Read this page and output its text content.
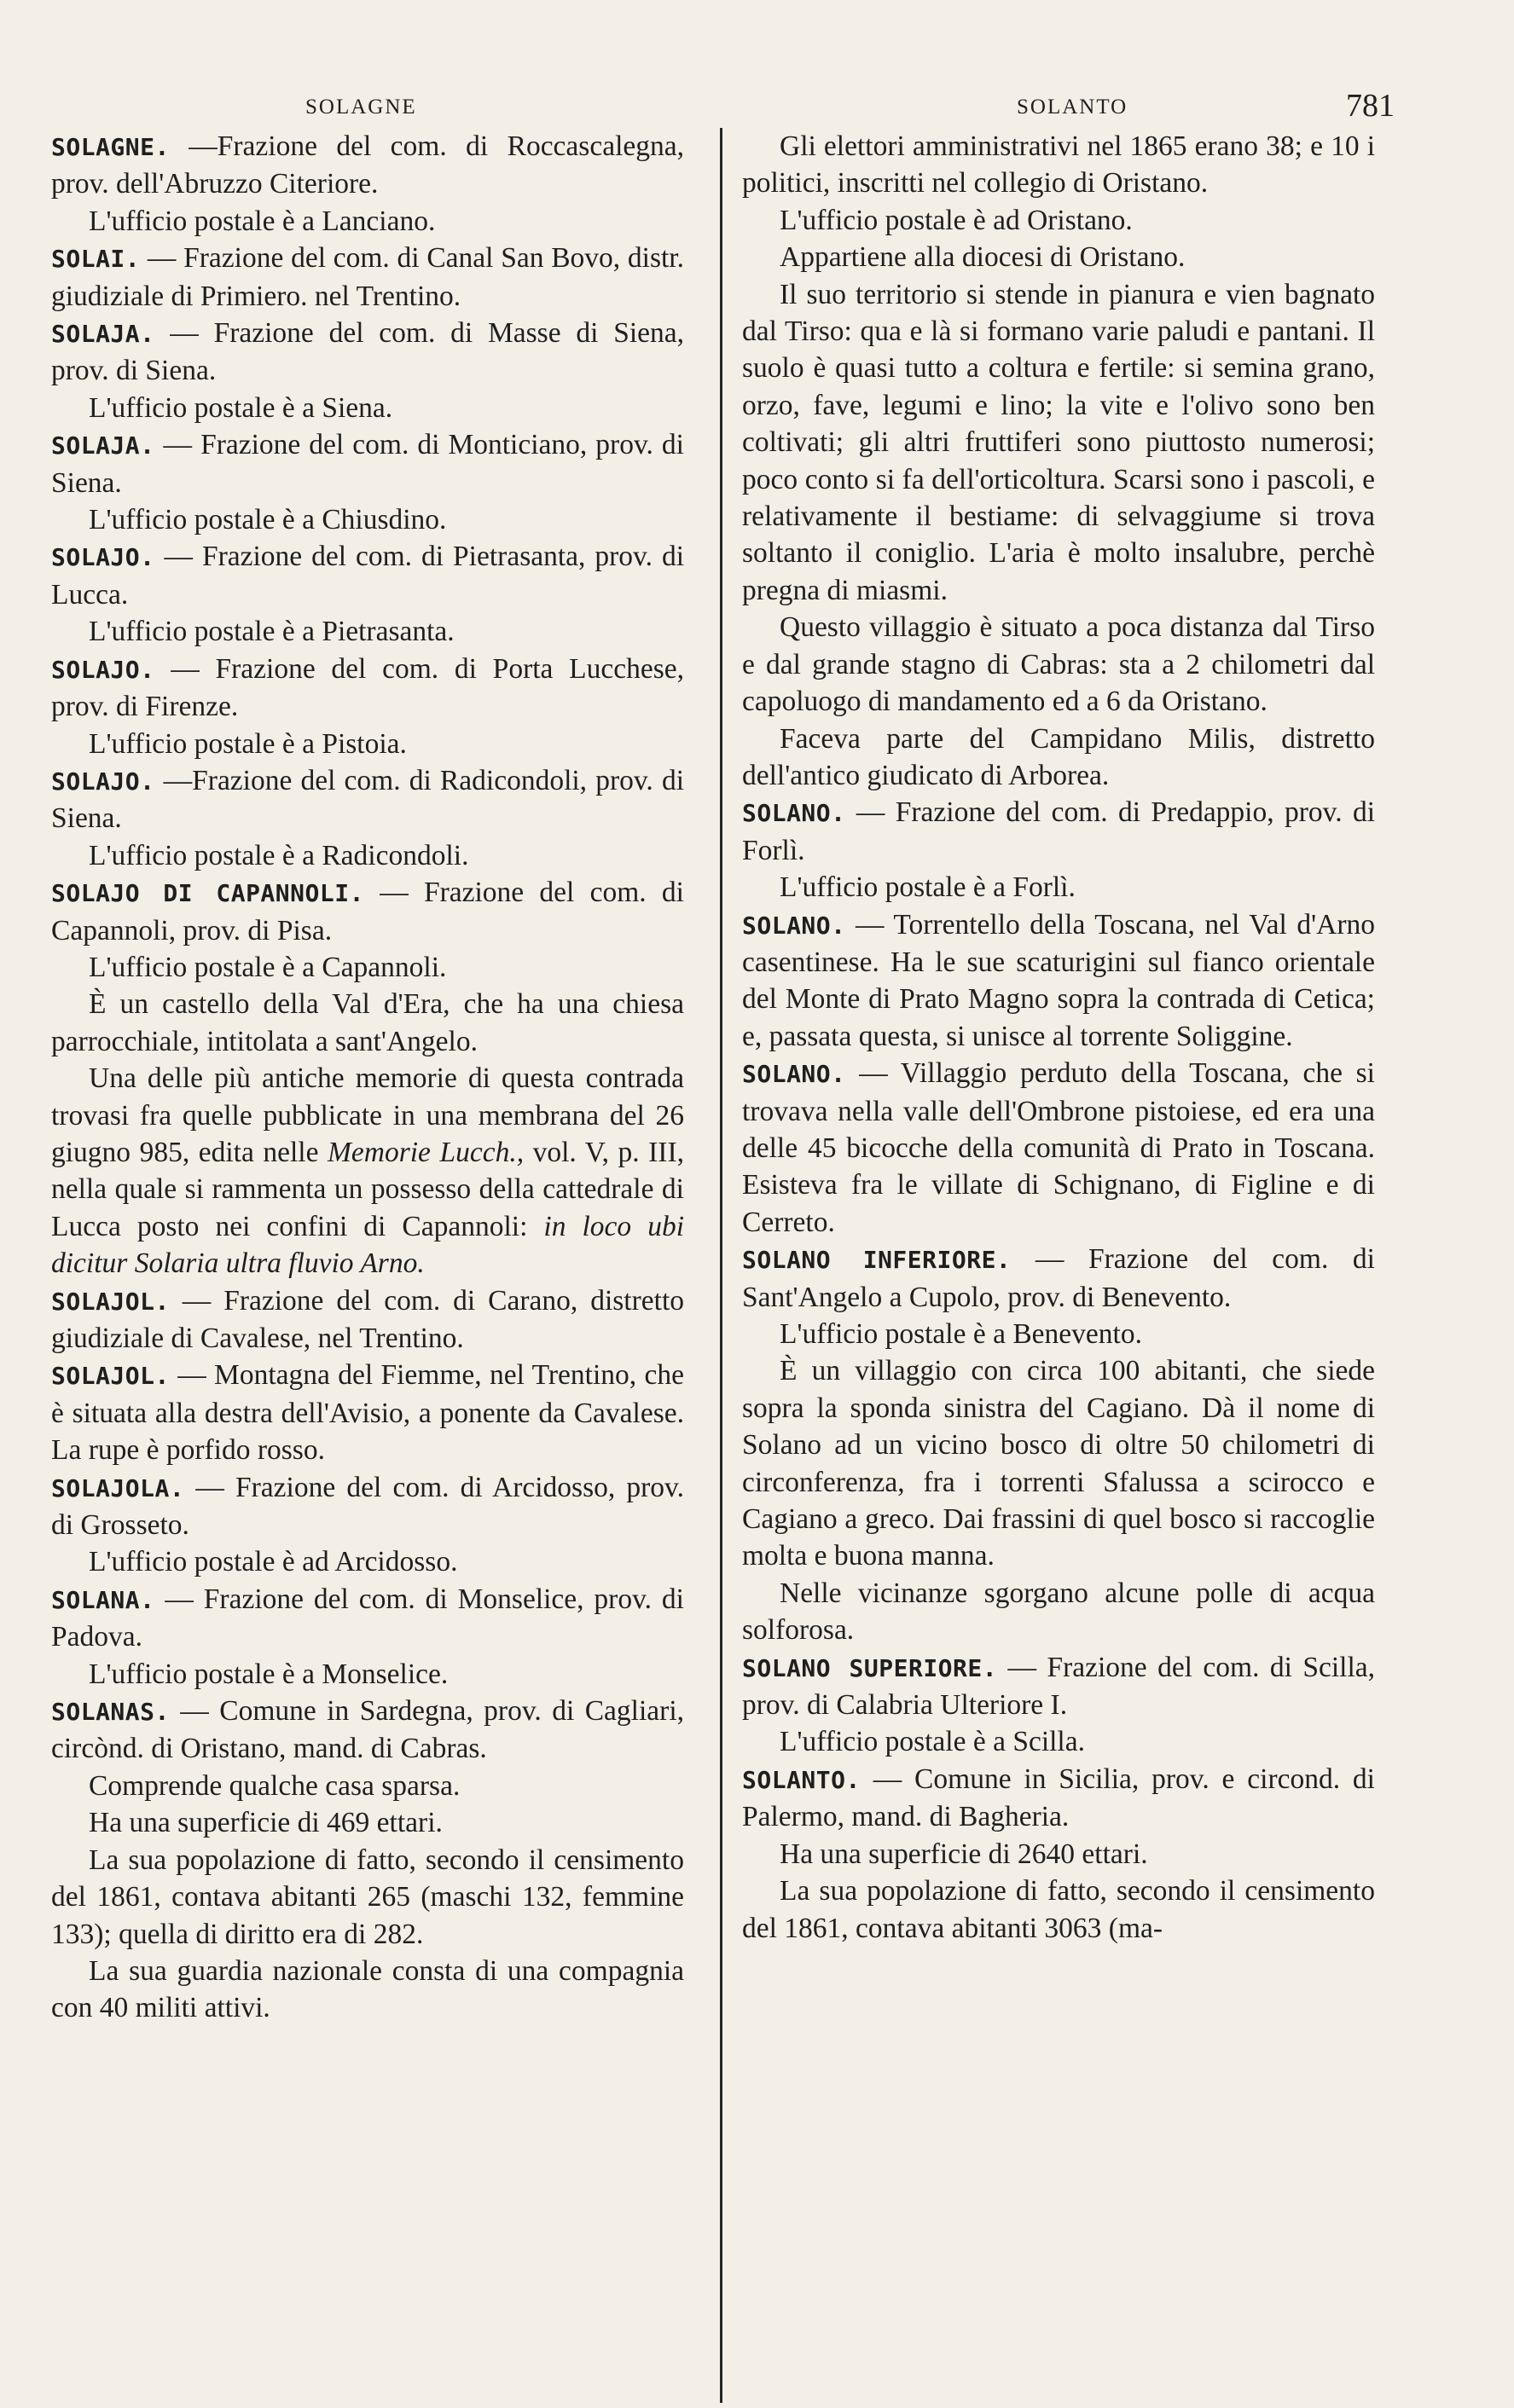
SOLAGNE	SOLANTO	781

SOLAGNE. —Frazione del com. di Roccascalegna, prov. dell'Abruzzo Citeriore.

L'ufficio postale è a Lanciano.

SOLAI. — Frazione del com. di Canal San Bovo, distr. giudiziale di Primiero. nel Trentino.

SOLAJA. — Frazione del com. di Masse di Siena, prov. di Siena.

L'ufficio postale è a Siena.

SOLAJA. — Frazione del com. di Monticiano, prov. di Siena.

L'ufficio postale è a Chiusdino.

SOLAJO. — Frazione del com. di Pietrasanta, prov. di Lucca.

L'ufficio postale è a Pietrasanta.

SOLAJO. — Frazione del com. di Porta Lucchese, prov. di Firenze.

L'ufficio postale è a Pistoia.

SOLAJO. —Frazione del com. di Radicondoli, prov. di Siena.

L'ufficio postale è a Radicondoli.

SOLAJO DI CAPANNOLI. — Frazione del com. di Capannoli, prov. di Pisa.

L'ufficio postale è a Capannoli.

È un castello della Val d'Era, che ha una chiesa parrocchiale, intitolata a sant'Angelo.

Una delle più antiche memorie di questa contrada trovasi fra quelle pubblicate in una membrana del 26 giugno 985, edita nelle Memorie Lucch., vol. V, p. III, nella quale si rammenta un possesso della cattedrale di Lucca posto nei confini di Capannoli: in loco ubi dicitur Solaria ultra fluvio Arno.

SOLAJOL. — Frazione del com. di Carano, distretto giudiziale di Cavalese, nel Trentino.

SOLAJOL. — Montagna del Fiemme, nel Trentino, che è situata alla destra dell'Avisio, a ponente da Cavalese. La rupe è porfido rosso.

SOLAJOLA. — Frazione del com. di Arcidosso, prov. di Grosseto.

L'ufficio postale è ad Arcidosso.

SOLANA. — Frazione del com. di Monselice, prov. di Padova.

L'ufficio postale è a Monselice.

SOLANAS. — Comune in Sardegna, prov. di Cagliari, circònd. di Oristano, mand. di Cabras.

Comprende qualche casa sparsa.

Ha una superficie di 469 ettari.

La sua popolazione di fatto, secondo il censimento del 1861, contava abitanti 265 (maschi 132, femmine 133); quella di diritto era di 282.

La sua guardia nazionale consta di una compagnia con 40 militi attivi.

Gli elettori amministrativi nel 1865 erano 38; e 10 i politici, inscritti nel collegio di Oristano.

L'ufficio postale è ad Oristano.

Appartiene alla diocesi di Oristano.

Il suo territorio si stende in pianura e vien bagnato dal Tirso: qua e là si formano varie paludi e pantani. Il suolo è quasi tutto a coltura e fertile: si semina grano, orzo, fave, legumi e lino; la vite e l'olivo sono ben coltivati; gli altri fruttiferi sono piuttosto numerosi; poco conto si fa dell'orticoltura. Scarsi sono i pascoli, e relativamente il bestiame: di selvaggiume si trova soltanto il coniglio. L'aria è molto insalubre, perchè pregna di miasmi.

Questo villaggio è situato a poca distanza dal Tirso e dal grande stagno di Cabras: sta a 2 chilometri dal capoluogo di mandamento ed a 6 da Oristano.

Faceva parte del Campidano Milis, distretto dell'antico giudicato di Arborea.

SOLANO. — Frazione del com. di Predappio, prov. di Forlì.

L'ufficio postale è a Forlì.

SOLANO. — Torrentello della Toscana, nel Val d'Arno casentinese. Ha le sue scaturigini sul fianco orientale del Monte di Prato Magno sopra la contrada di Cetica; e, passata questa, si unisce al torrente Soliggine.

SOLANO. — Villaggio perduto della Toscana, che si trovava nella valle dell'Ombrone pistoiese, ed era una delle 45 bicocche della comunità di Prato in Toscana. Esisteva fra le villate di Schignano, di Figline e di Cerreto.

SOLANO INFERIORE. — Frazione del com. di Sant'Angelo a Cupolo, prov. di Benevento.

L'ufficio postale è a Benevento.

È un villaggio con circa 100 abitanti, che siede sopra la sponda sinistra del Cagiano. Dà il nome di Solano ad un vicino bosco di oltre 50 chilometri di circonferenza, fra i torrenti Sfalussa a scirocco e Cagiano a greco. Dai frassini di quel bosco si raccoglie molta e buona manna.

Nelle vicinanze sgorgano alcune polle di acqua solforosa.

SOLANO SUPERIORE. — Frazione del com. di Scilla, prov. di Calabria Ulteriore I.

L'ufficio postale è a Scilla.

SOLANTO. — Comune in Sicilia, prov. e circond. di Palermo, mand. di Bagheria.

Ha una superficie di 2640 ettari.

La sua popolazione di fatto, secondo il censimento del 1861, contava abitanti 3063 (ma-
